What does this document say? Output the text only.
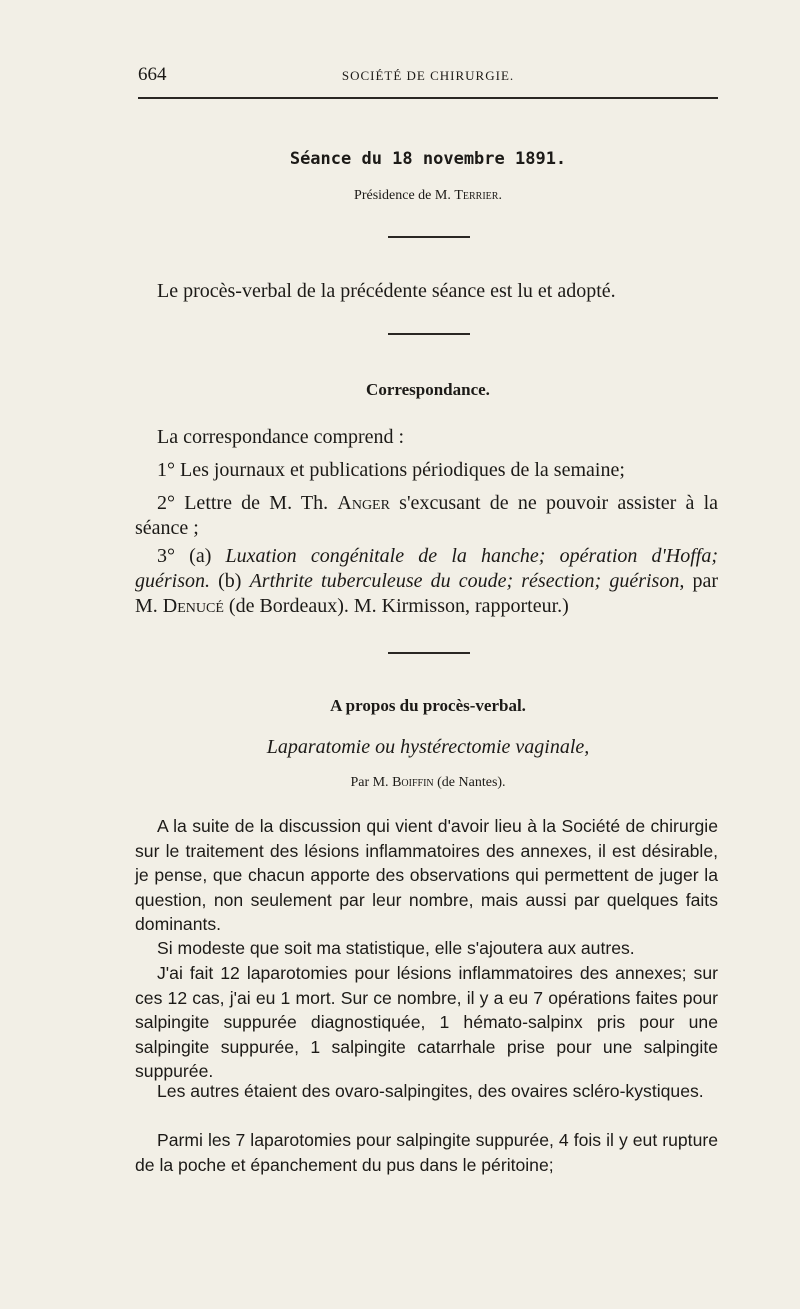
664	SOCIÉTÉ DE CHIRURGIE.
Séance du 18 novembre 1891.
Présidence de M. Terrier.

Le procès-verbal de la précédente séance est lu et adopté.

Correspondance.

La correspondance comprend :

1° Les journaux et publications périodiques de la semaine;

2° Lettre de M. Th. Anger s'excusant de ne pouvoir assister à la séance ;

3° (a) Luxation congénitale de la hanche; opération d'Hoffa; guérison. (b) Arthrite tuberculeuse du coude; résection; guérison, par M. Denucé (de Bordeaux). M. Kirmisson, rapporteur.)

A propos du procès-verbal.
Laparatomie ou hystérectomie vaginale,
Par M. Boiffin (de Nantes).

A la suite de la discussion qui vient d'avoir lieu à la Société de chirurgie sur le traitement des lésions inflammatoires des annexes, il est désirable, je pense, que chacun apporte des observations qui permettent de juger la question, non seulement par leur nombre, mais aussi par quelques faits dominants.

Si modeste que soit ma statistique, elle s'ajoutera aux autres.

J'ai fait 12 laparotomies pour lésions inflammatoires des annexes; sur ces 12 cas, j'ai eu 1 mort. Sur ce nombre, il y a eu 7 opérations faites pour salpingite suppurée diagnostiquée, 1 hémato-salpinx pris pour une salpingite suppurée, 1 salpingite catarrhale prise pour une salpingite suppurée.

Les autres étaient des ovaro-salpingites, des ovaires scléro-kystiques.

Parmi les 7 laparotomies pour salpingite suppurée, 4 fois il y eut rupture de la poche et épanchement du pus dans le péritoine;
